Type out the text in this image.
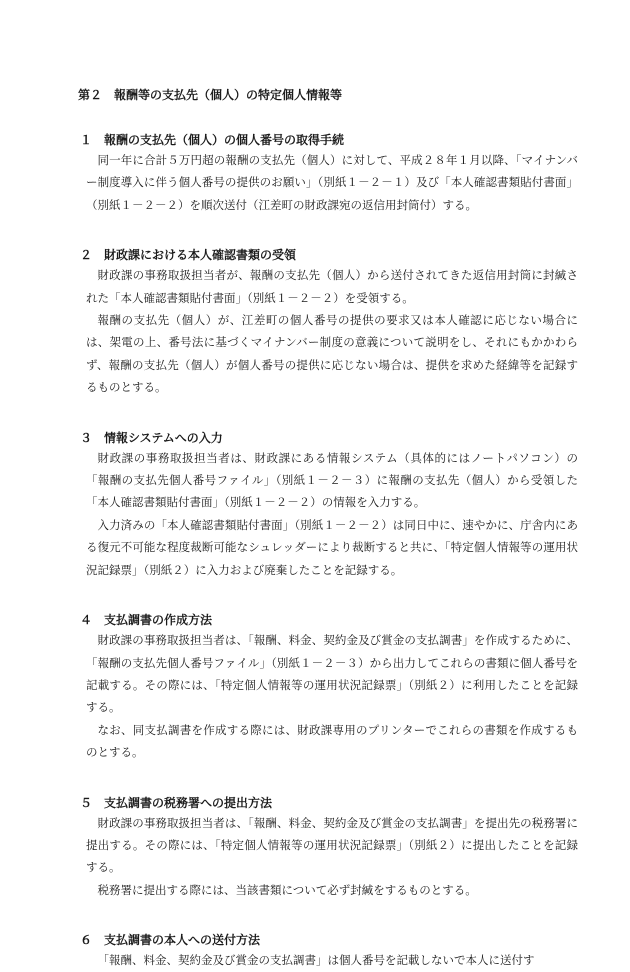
第２　報酬等の支払先（個人）の特定個人情報等
１　報酬の支払先（個人）の個人番号の取得手続

同一年に合計５万円超の報酬の支払先（個人）に対して、平成２８年１月以降、「マイナンバー制度導入に伴う個人番号の提供のお願い」（別紙１－２－１）及び「本人確認書類貼付書面」（別紙１－２－２）を順次送付（江差町の財政課宛の返信用封筒付）する。

２　財政課における本人確認書類の受領

財政課の事務取扱担当者が、報酬の支払先（個人）から送付されてきた返信用封筒に封緘された「本人確認書類貼付書面」（別紙１－２－２）を受領する。

報酬の支払先（個人）が、江差町の個人番号の提供の要求又は本人確認に応じない場合には、架電の上、番号法に基づくマイナンバー制度の意義について説明をし、それにもかかわらず、報酬の支払先（個人）が個人番号の提供に応じない場合は、提供を求めた経緯等を記録するものとする。

３　情報システムへの入力

財政課の事務取扱担当者は、財政課にある情報システム（具体的にはノートパソコン）の「報酬の支払先個人番号ファイル」（別紙１－２－３）に報酬の支払先（個人）から受領した「本人確認書類貼付書面」（別紙１－２－２）の情報を入力する。

入力済みの「本人確認書類貼付書面」（別紙１－２－２）は同日中に、速やかに、庁舎内にある復元不可能な程度裁断可能なシュレッダーにより裁断すると共に、「特定個人情報等の運用状況記録票」（別紙２）に入力および廃棄したことを記録する。

４　支払調書の作成方法

財政課の事務取扱担当者は、「報酬、料金、契約金及び賞金の支払調書」を作成するために、「報酬の支払先個人番号ファイル」（別紙１－２－３）から出力してこれらの書類に個人番号を記載する。その際には、「特定個人情報等の運用状況記録票」（別紙２）に利用したことを記録する。

なお、同支払調書を作成する際には、財政課専用のプリンターでこれらの書類を作成するものとする。

５　支払調書の税務署への提出方法

財政課の事務取扱担当者は、「報酬、料金、契約金及び賞金の支払調書」を提出先の税務署に提出する。その際には、「特定個人情報等の運用状況記録票」（別紙２）に提出したことを記録する。

税務署に提出する際には、当該書類について必ず封緘をするものとする。

６　支払調書の本人への送付方法

「報酬、料金、契約金及び賞金の支払調書」は個人番号を記載しないで本人に送付す
